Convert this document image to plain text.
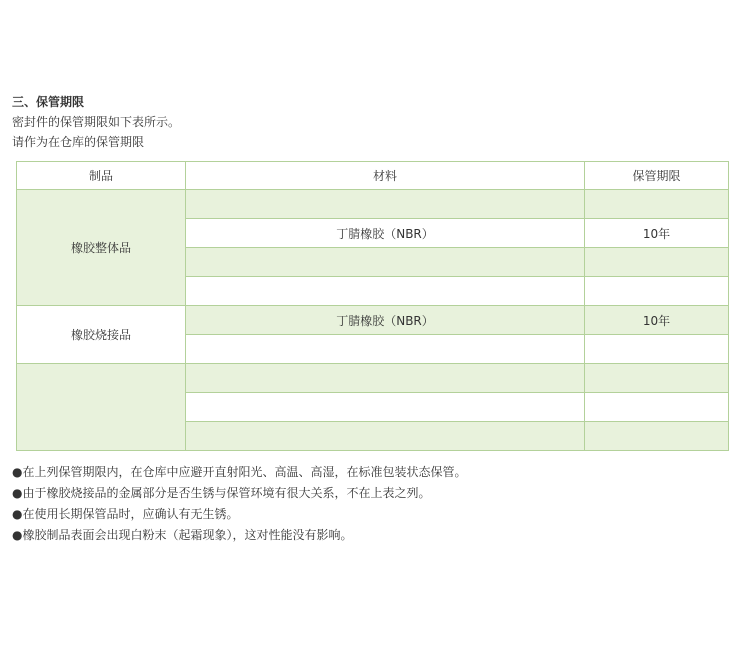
三、保管期限
密封件的保管期限如下表所示。
请作为在仓库的保管期限
制品	材料	保管期限
橡胶整体品		
	丁腈橡胶（NBR）	10年

橡胶烧接品	丁腈橡胶（NBR）	10年

●在上列保管期限内，在仓库中应避开直射阳光、高温、高湿，在标准包装状态保管。
●由于橡胶烧接品的金属部分是否生锈与保管环境有很大关系，不在上表之列。
●在使用长期保管品时，应确认有无生锈。
●橡胶制品表面会出现白粉末（起霜现象），这对性能没有影响。
